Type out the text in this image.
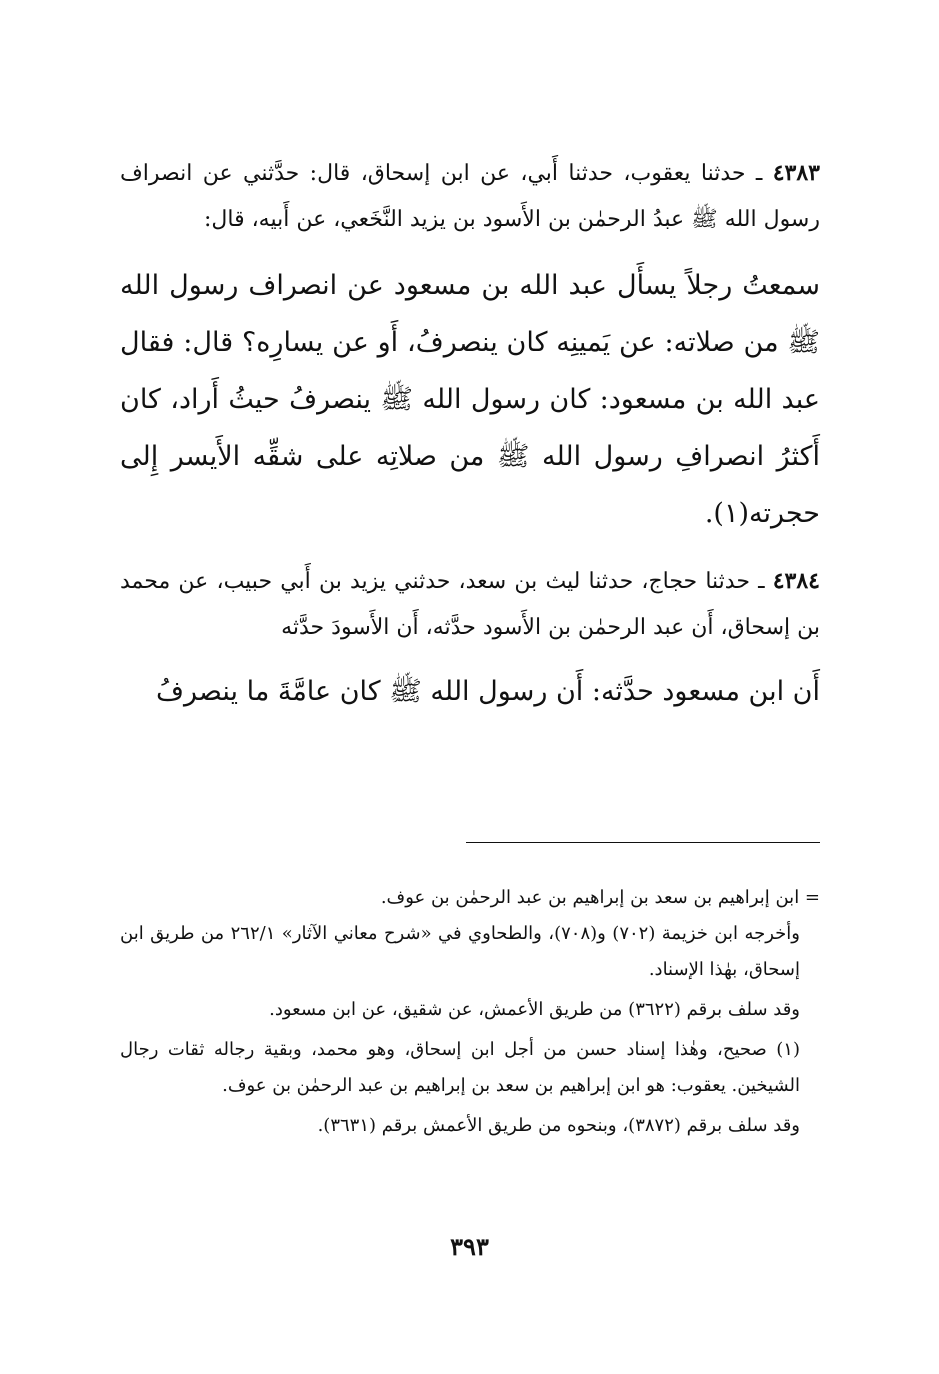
٤٣٨٣ ـ حدثنا يعقوب، حدثنا أَبي، عن ابن إسحاق، قال: حدَّثني عن انصراف رسول الله ﷺ عبدُ الرحمٰن بن الأَسود بن يزيد النَّخَعي، عن أَبيه، قال:

سمعتُ رجلاً يسأَل عبد الله بن مسعود عن انصراف رسول الله ﷺ من صلاته: عن يَمينِه كان ينصرفُ، أَو عن يسارِه؟ قال: فقال عبد الله بن مسعود: كان رسول الله ﷺ ينصرفُ حيثُ أَراد، كان أَكثرُ انصرافِ رسول الله ﷺ من صلاتِه على شقِّه الأَيسر إِلى حجرته(١).

٤٣٨٤ ـ حدثنا حجاج، حدثنا ليث بن سعد، حدثني يزيد بن أَبي حبيب، عن محمد بن إسحاق، أَن عبد الرحمٰن بن الأَسود حدَّثه، أَن الأَسودَ حدَّثه

أَن ابن مسعود حدَّثه: أَن رسول الله ﷺ كان عامَّةَ ما ينصرفُ

= ابن إبراهيم بن سعد بن إبراهيم بن عبد الرحمٰن بن عوف.

وأخرجه ابن خزيمة (٧٠٢) و(٧٠٨)، والطحاوي في «شرح معاني الآثار» ٢٦٢/١ من طريق ابن إسحاق، بهٰذا الإسناد.

وقد سلف برقم (٣٦٢٢) من طريق الأعمش، عن شقيق، عن ابن مسعود.

(١) صحيح، وهٰذا إسناد حسن من أجل ابن إسحاق، وهو محمد، وبقية رجاله ثقات رجال الشيخين. يعقوب: هو ابن إبراهيم بن سعد بن إبراهيم بن عبد الرحمٰن بن عوف.

وقد سلف برقم (٣٨٧٢)، وبنحوه من طريق الأعمش برقم (٣٦٣١).

٣٩٣
